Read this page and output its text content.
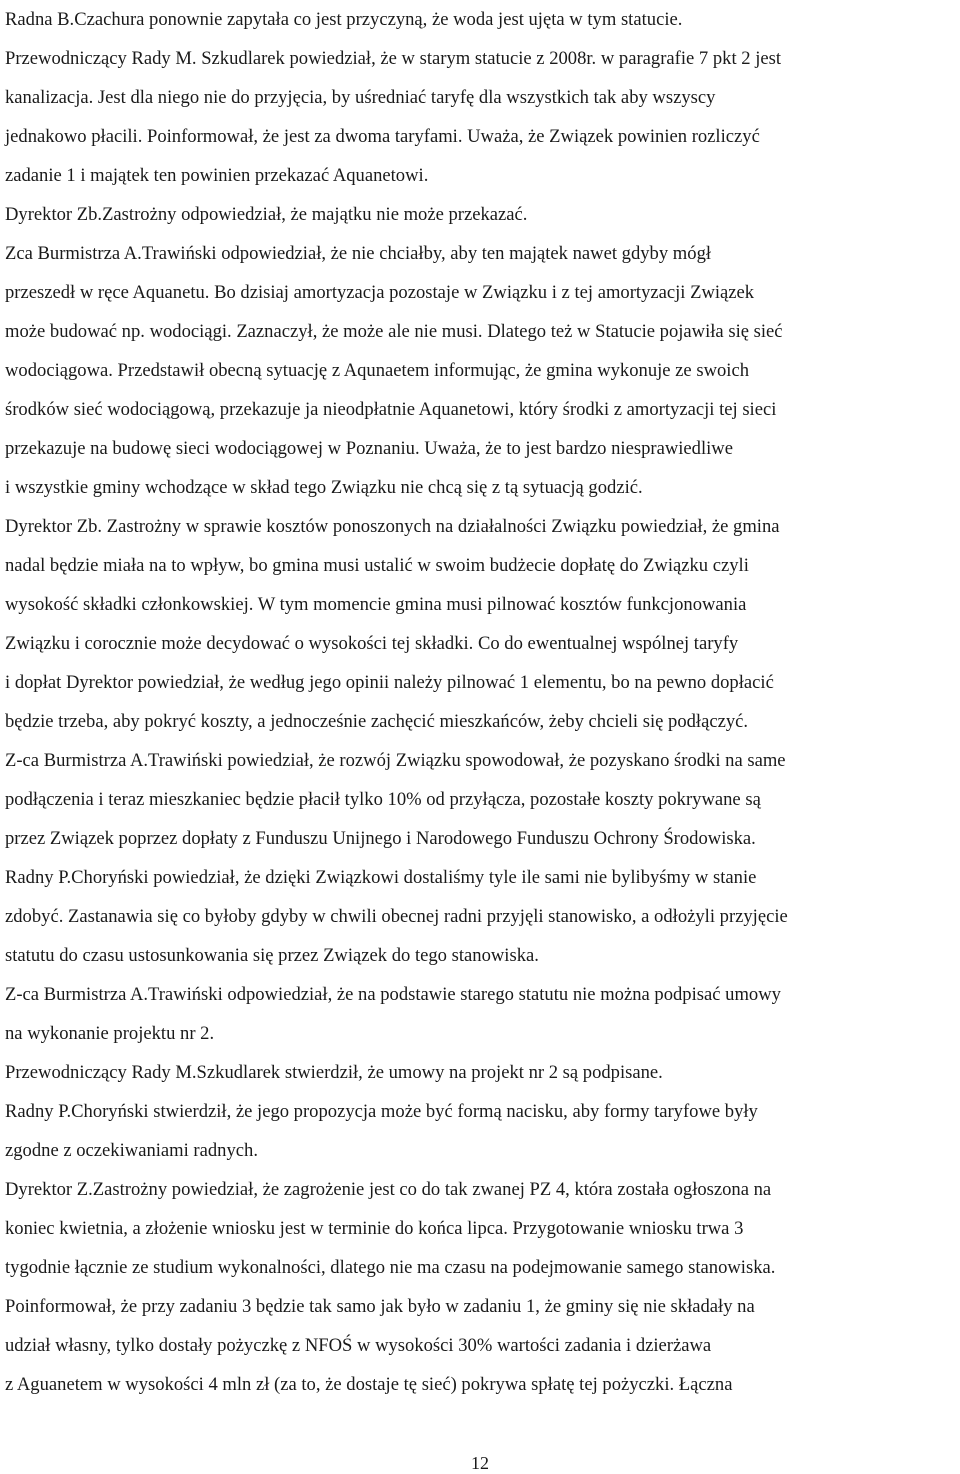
Radna B.Czachura ponownie zapytała co jest przyczyną, że woda jest ujęta w tym statucie.
Przewodniczący Rady M. Szkudlarek powiedział, że w starym statucie z 2008r. w paragrafie 7 pkt 2 jest
kanalizacja. Jest dla niego nie do przyjęcia, by uśredniać taryfę dla wszystkich tak aby wszyscy
jednakowo płacili. Poinformował, że jest za dwoma taryfami. Uważa, że Związek powinien rozliczyć
zadanie 1 i majątek ten powinien przekazać Aquanetowi.
Dyrektor Zb.Zastrożny odpowiedział, że majątku nie może przekazać.
Zca Burmistrza A.Trawiński odpowiedział, że nie chciałby, aby ten majątek nawet gdyby mógł
przeszedł w ręce Aquanetu. Bo dzisiaj amortyzacja pozostaje w Związku i z tej amortyzacji Związek
może budować np. wodociągi. Zaznaczył, że może ale nie musi. Dlatego też w Statucie pojawiła się sieć
wodociągowa. Przedstawił obecną sytuację z Aqunaetem informując, że gmina wykonuje ze swoich
środków sieć wodociągową, przekazuje ja nieodpłatnie Aquanetowi, który środki z amortyzacji tej sieci
przekazuje na budowę sieci wodociągowej w Poznaniu. Uważa, że to jest bardzo niesprawiedliwe
i wszystkie gminy wchodzące w skład tego Związku nie chcą się z tą sytuacją godzić.
Dyrektor Zb. Zastrożny w sprawie kosztów ponoszonych na działalności Związku powiedział, że gmina
nadal będzie miała na to wpływ, bo gmina musi ustalić w swoim budżecie dopłatę do Związku czyli
wysokość składki członkowskiej. W tym momencie gmina musi pilnować kosztów funkcjonowania
Związku i corocznie może decydować o wysokości tej składki. Co do ewentualnej wspólnej taryfy
i dopłat Dyrektor powiedział, że według jego opinii należy pilnować 1 elementu, bo na pewno dopłacić
będzie trzeba, aby pokryć koszty, a jednocześnie zachęcić mieszkańców, żeby chcieli się podłączyć.
Z-ca Burmistrza A.Trawiński powiedział, że rozwój Związku spowodował, że pozyskano środki na same
podłączenia i teraz mieszkaniec będzie płacił tylko 10% od przyłącza, pozostałe koszty pokrywane są
przez Związek poprzez dopłaty z Funduszu Unijnego i Narodowego Funduszu Ochrony Środowiska.
Radny P.Choryński powiedział, że dzięki Związkowi dostaliśmy tyle ile sami nie bylibyśmy w stanie
zdobyć. Zastanawia się co byłoby gdyby w chwili obecnej radni przyjęli stanowisko, a odłożyli przyjęcie
statutu do czasu ustosunkowania się przez Związek do tego stanowiska.
Z-ca Burmistrza A.Trawiński odpowiedział, że na podstawie starego statutu nie można podpisać umowy
na wykonanie projektu nr 2.
Przewodniczący Rady M.Szkudlarek stwierdził, że umowy na projekt nr 2 są podpisane.
Radny P.Choryński stwierdził, że jego propozycja może być formą nacisku, aby formy taryfowe były
zgodne z oczekiwaniami radnych.
Dyrektor Z.Zastrożny powiedział, że zagrożenie jest co do tak zwanej PZ 4, która została ogłoszona na
koniec kwietnia, a złożenie wniosku jest w terminie do końca lipca. Przygotowanie wniosku trwa 3
tygodnie łącznie ze studium wykonalności, dlatego nie ma czasu na podejmowanie samego stanowiska.
Poinformował, że przy zadaniu 3 będzie tak samo jak było w zadaniu 1, że gminy się nie składały na
udział własny, tylko dostały pożyczkę z NFOŚ w wysokości 30% wartości zadania i dzierżawa
z Aguanetem w wysokości 4 mln zł (za to, że dostaje tę sieć) pokrywa spłatę tej pożyczki. Łączna
12
